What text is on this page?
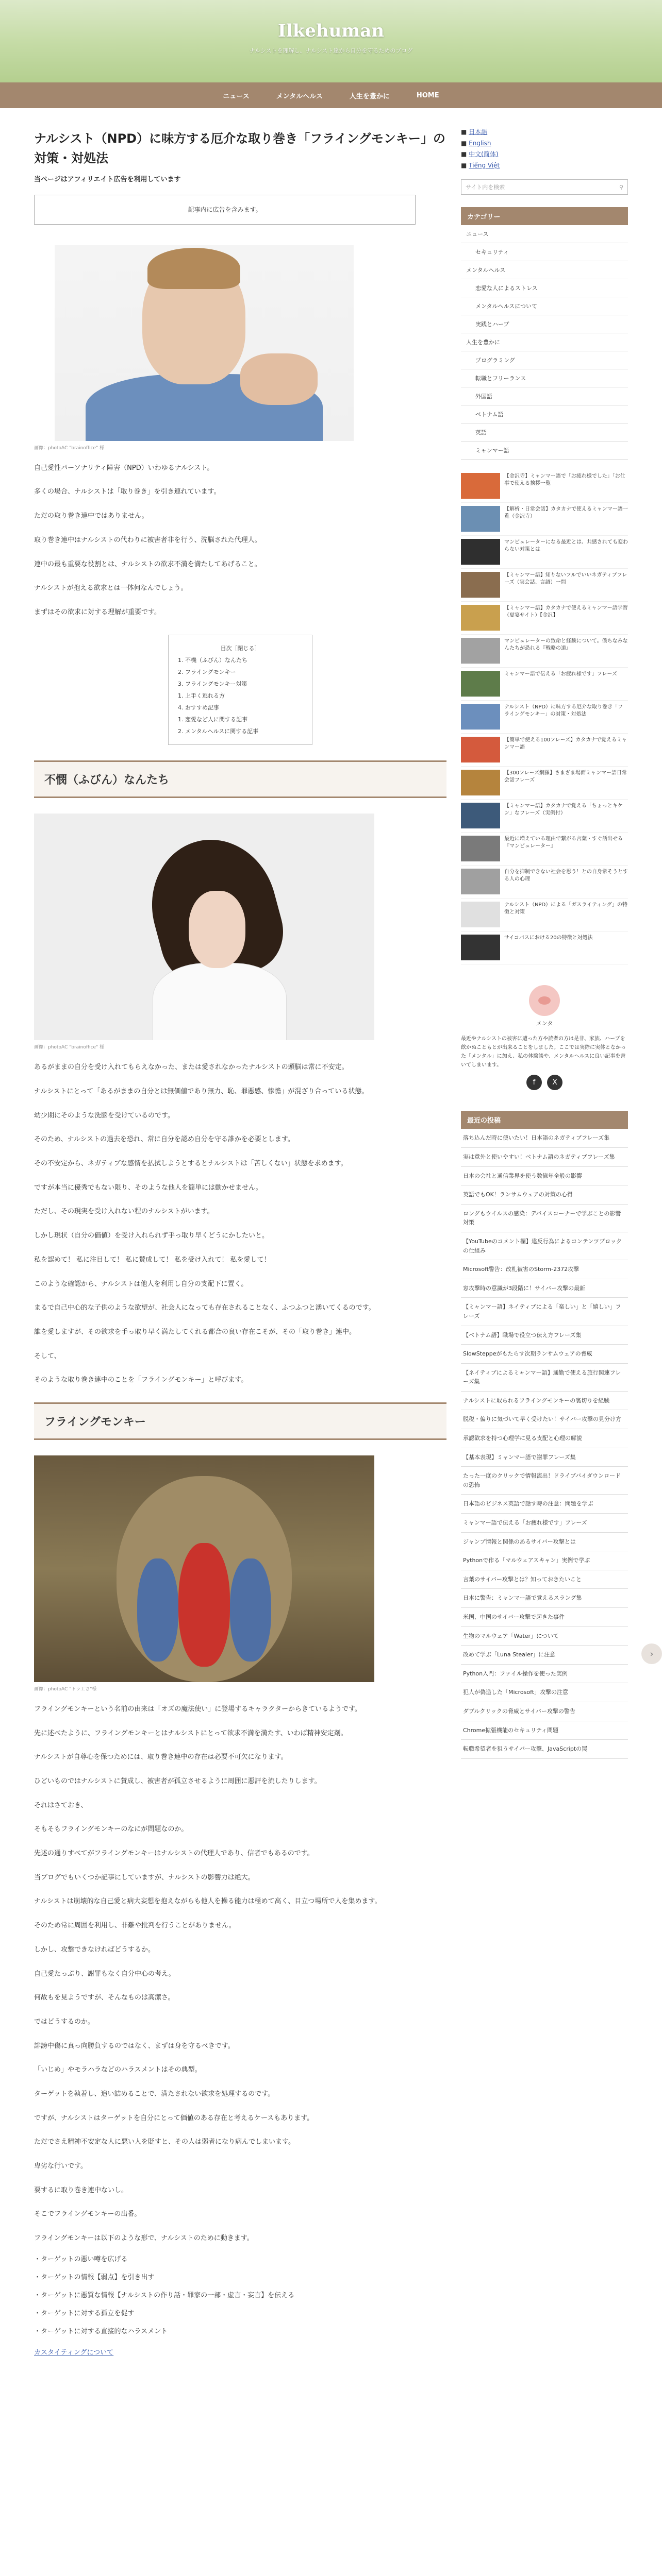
Ilkehuman
ナルシストを理解し、ナルシスト達から自分を守るためのブログ
ニュース	メンタルヘルス	人生を豊かに	HOME
ナルシスト（NPD）に味方する厄介な取り巻き「フライングモンキー」の対策・対処法
当ページはアフィリエイト広告を利用しています
記事内に広告を含みます。
画像：photoAC "brainoffice" 様
自己愛性パーソナリティ障害（NPD）いわゆるナルシスト。
多くの場合、ナルシストは「取り巻き」を引き連れています。
ただの取り巻き連中ではありません。
取り巻き連中はナルシストの代わりに被害者非を行う、洗脳された代理人。
連中の最も重要な役割とは、ナルシストの欲求不満を満たしてあげること。
ナルシストが抱える欲求とは一体何なんでしょう。
まずはその欲求に対する理解が重要です。
目次［閉じる］
1. 不機（ふびん）なんたち
2. フライングモンキー
3. フライングモンキー対策
1. 上手く逃れる方
4. おすすめ記事
1. 恋愛など人に関する記事
2. メンタルヘルスに関する記事
不憫（ふびん）なんたち
画像：photoAC "brainoffice" 様
あるがままの自分を受け入れてもらえなかった、または愛されなかったナルシストの頭脳は常に不安定。
ナルシストにとって「あるがままの自分とは無価値であり無力、恥、罪悪感、惨憺」が混ざり合っている状態。
幼少期にそのような洗脳を受けているのです。
そのため、ナルシストの過去を恐れ、常に自分を認め自分を守る誰かを必要とします。
その不安定から、ネガティブな感情を払拭しようとするとナルシストは「苦しくない」状態を求めます。
ですが本当に優秀でもない限り、そのような他人を簡単には動かせません。
ただし、その現実を受け入れない程のナルシストがいます。
しかし現状（自分の価値）を受け入れられず手っ取り早くどうにかしたいと。
私を認めて！ 私に注目して！ 私に賛成して！ 私を受け入れて！ 私を愛して！
このような確認から、ナルシストは他人を利用し自分の支配下に置く。
まるで自己中心的な子供のような欲望が、社会人になっても存在されることなく、ふつふつと湧いてくるのです。
誰を愛しますが、その欲求を手っ取り早く満たしてくれる都合の良い存在こそが、その「取り巻き」連中。
そして、
そのような取り巻き連中のことを「フライングモンキー」と呼びます。
フライングモンキー
画像：photoAC "トラ工さ"様
フライングモンキーという名前の由来は「オズの魔法使い」に登場するキャラクターからきているようです。
先に述べたように、フライングモンキーとはナルシストにとって欲求不満を満たす、いわば精神安定剤。
ナルシストが自尊心を保つためには、取り巻き連中の存在は必要不可欠になります。
ひどいものではナルシストに賛成し、被害者が孤立させるように周囲に悪評を流したりします。
それはさておき、
そもそもフライングモンキーのなにが問題なのか。
先述の通りすべてがフライングモンキーはナルシストの代理人であり、信者でもあるのです。
当ブログでもいくつか記事にしていますが、ナルシストの影響力は絶大。
ナルシストは崩壊的な自己愛と病大妄想を抱えながらも他人を操る能力は極めて高く、目立つ場所で人を集めます。
そのため常に周囲を利用し、非難や批判を行うことがありません。
しかし、攻撃できなければどうするか。
自己愛たっぷり、謝罪もなく自分中心の考え。
何故もを見ようですが、そんなものは高潔さ。
ではどうするのか。
誹謗中傷に真っ向勝負するのではなく、まずは身を守るべきです。
「いじめ」やモラハラなどのハラスメントはその典型。
ターゲットを執着し、追い詰めることで、満たされない欲求を処理するのです。
ですが、ナルシストはターゲットを自分にとって価値のある存在と考えるケースもあります。
ただでさえ精神不安定な人に悪い人を貶すと、その人は弱者になり病んでしまいます。
卑劣な行いです。
要するに取り巻き連中ないし。
そこでフライングモンキーの出番。
フライングモンキーは以下のような形で、ナルシストのために動きます。
・ターゲットの悪い噂を広げる
・ターゲットの情報【弱点】を引き出す
・ターゲットに悪質な情報【ナルシストの作り話・罪家の一部・虚言・妄言】を伝える
・ターゲットに対する孤立を促す
・ターゲットに対する直接的なハラスメント
カスタイティングについて
■ 日本語
■ English
■ 中文(简体)
■ Tiếng Việt
サイト内を検索	⚲
カテゴリー
ニュース
セキュリティ
メンタルヘルス
恋愛な人によるストレス
メンタルヘルスについて
実践とハーブ
人生を豊かに
プログラミング
転職とフリーランス
外国語
ベトナム語
英語
ミャンマー語
【金沢寺】ミャンマー語で「お疲れ様でした」「お仕事で使える挨拶一覧
【解析・日常会話】カタカナで使えるミャンマー語一覧（金沢寺）
マンビュレーターになる最近とは、共感されても変わらない対策とは
【ミャンマー語】知りないフルでいいネガティブフレーズ（実会話、言語）一問
【ミャンマー語】カタカナで使えるミャンマー語学習（夏宴サイト）【金沢】
マンビュレーターの致命と経験について。僕ちなみなんたちが恐れる『戦略の道』
ミャンマー語で伝える「お疲れ様です」フレーズ
ナルシスト（NPD）に味方する厄介な取り巻き「フライングモンキー」の対策・対処法
【簡単で使える100フレーズ】カタカナで覚えるミャンマー語
【300フレーズ網羅】さまざま場面ミャンマー語日常会話フレーズ
【ミャンマー語】カタカナで覚える「ちょっとキケン」なフレーズ（実例付）
最近に増えている理由で繋がる言葉・すぐ話出せる『マンビュレーター』
自分を抑制できない社会を思う！との自身常そうとする人の心理
ナルシスト（NPD）による「ガスライティング」の特徴と対策
サイコパスにおける20の特徴と対処法
メンタ
最近やナルシストの被害に遭った方や読者の方は是非、家族、ハーブを飲かぬこともとが出来ることをしました。ここでは実際に実体となかった「メンタル」に加え、私の体験談や、メンタルヘルスに良い記事を書いてしまいます。
f	X
最近の投稿
落ち込んだ時に使いたい！日本語のネガティブフレーズ集
実は意外と使いやすい！ベトナム語のネガティブフレーズ集
日本の会社と通信業界を使う数億年全般の影響
英語でもOK！ランサムウェアの対策の心得
ロングもウイルスの感染：デバイスコーナーで学ぶことの影響対策
【YouTubeのコメント欄】違反行為によるコンテンツブロックの仕組み
Microsoft警告：改札被害のStorm-2372攻撃
窓攻撃時の意識が3段階に！サイバー攻撃の最新
【ミャンマー語】ネイティブによる「楽しい」と「嬉しい」フレーズ
【ベトナム語】職場で役立つ伝え方フレーズ集
SlowSteppeがもたらす次期ランサムウェアの脅威
【ネイティブによるミャンマー語】通勤で使える旅行関連フレーズ集
ナルシストに取られるフライングモンキーの裏切りを経験
脱税・偏りに気づいて早く受けたい！サイバー攻撃の見分け方
承認欲求を持つ心理学に見る支配と心理の解説
【基本表現】ミャンマー語で謝罪フレーズ集
たった一度のクリックで情報流出！ドライブバイダウンロードの恐怖
日本語のビジネス英語で話す時の注意：問題を学ぶ
ミャンマー語で伝える「お疲れ様です」フレーズ
ジャンプ情報と関係のあるサイバー攻撃とは
Pythonで作る「マルウェアスキャン」実例で学ぶ
言葉のサイバー攻撃とは？知っておきたいこと
日本に警告：ミャンマー語で覚えるスラング集
米国、中国のサイバー攻撃で起きた事件
生物のマルウェア「Water」について
改めて学ぶ「Luna Stealer」に注意
Python入門：ファイル操作を使った実例
犯人が偽造した「Microsoft」攻撃の注意
ダブルクリックの脅威とサイバー攻撃の警告
Chrome拡張機能のセキュリティ問題
転職希望者を狙うサイバー攻撃、JavaScriptの罠
›
